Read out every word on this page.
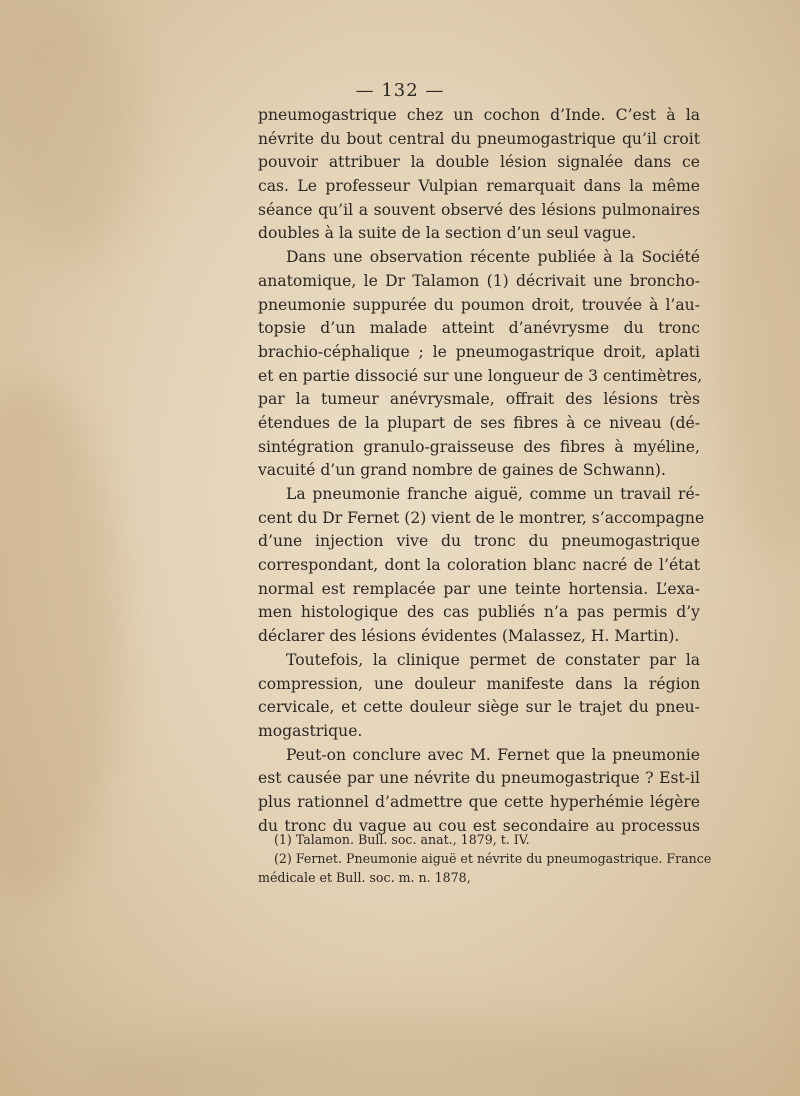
— 132 —
pneumogastrique chez un cochon d’Inde. C’est à la
névrite du bout central du pneumogastrique qu’il croit
pouvoir attribuer la double lésion signalée dans ce
cas. Le professeur Vulpian remarquait dans la même
séance qu’il a souvent observé des lésions pulmonaires
doubles à la suite de la section d’un seul vague.
Dans une observation récente publiée à la Société
anatomique, le Dr Talamon (1) décrivait une broncho-
pneumonie suppurée du poumon droit, trouvée à l’au-
topsie d’un malade atteint d’anévrysme du tronc
brachio-céphalique ; le pneumogastrique droit, aplati
et en partie dissocié sur une longueur de 3 centimètres,
par la tumeur anévrysmale, offrait des lésions très
étendues de la plupart de ses fibres à ce niveau (dé-
sintégration granulo-graisseuse des fibres à myéline,
vacuité d’un grand nombre de gaines de Schwann).
La pneumonie franche aiguë, comme un travail ré-
cent du Dr Fernet (2) vient de le montrer, s’accompagne
d’une injection vive du tronc du pneumogastrique
correspondant, dont la coloration blanc nacré de l’état
normal est remplacée par une teinte hortensia. L’exa-
men histologique des cas publiés n’a pas permis d’y
déclarer des lésions évidentes (Malassez, H. Martin).
Toutefois, la clinique permet de constater par la
compression, une douleur manifeste dans la région
cervicale, et cette douleur siège sur le trajet du pneu-
mogastrique.
Peut-on conclure avec M. Fernet que la pneumonie
est causée par une névrite du pneumogastrique ? Est-il
plus rationnel d’admettre que cette hyperhémie légère
du tronc du vague au cou est secondaire au processus
(1) Talamon. Bull. soc. anat., 1879, t. IV.
(2) Fernet. Pneumonie aiguë et névrite du pneumogastrique. France
médicale et Bull. soc. m. n. 1878,
